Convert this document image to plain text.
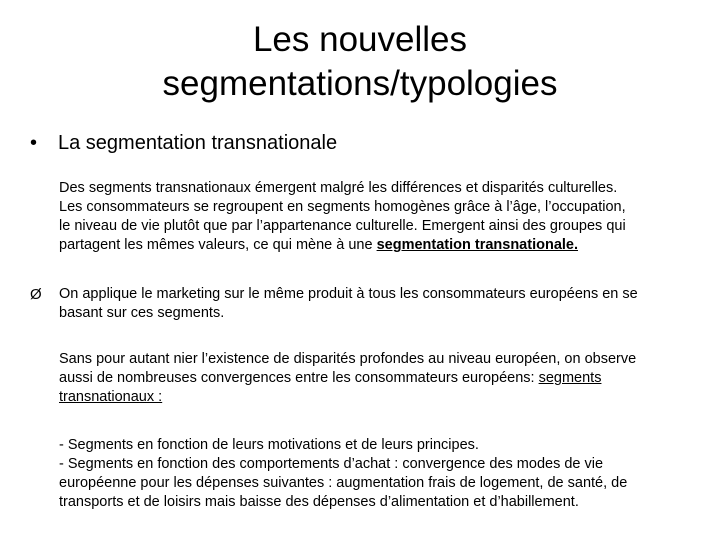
Les nouvelles
segmentations/typologies
• La segmentation transnationale

Des segments transnationaux émergent malgré les différences et disparités culturelles.
Les consommateurs se regroupent en segments homogènes grâce à l’âge, l’occupation,
le niveau de vie plutôt que par l’appartenance culturelle. Emergent ainsi des groupes qui
partagent les mêmes valeurs, ce qui mène à une segmentation transnationale.

Ø On applique le marketing sur le même produit à tous les consommateurs européens en se
basant sur ces segments.

Sans pour autant nier l’existence de disparités profondes au niveau européen, on observe
aussi de nombreuses convergences entre les consommateurs européens: segments
transnationaux :

- Segments en fonction de leurs motivations et de leurs principes.
- Segments en fonction des comportements d’achat : convergence des modes de vie
européenne pour les dépenses suivantes : augmentation frais de logement, de santé, de
transports et de loisirs mais baisse des dépenses d’alimentation et d’habillement.
